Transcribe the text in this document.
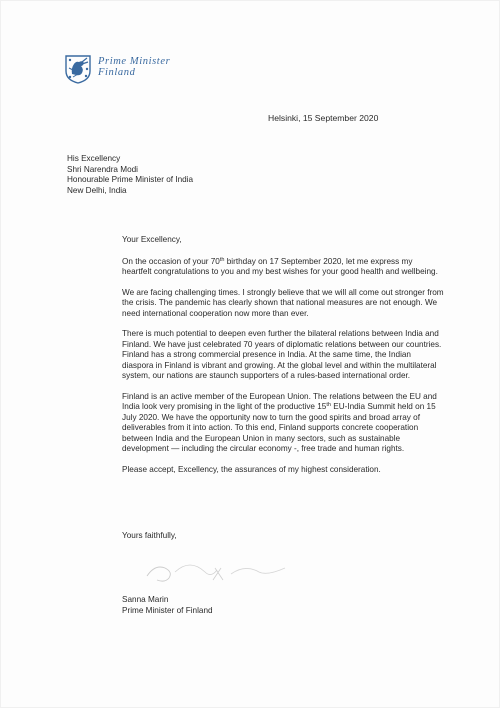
Prime Minister
Finland
Helsinki, 15 September 2020
His Excellency
Shri Narendra Modi
Honourable Prime Minister of India
New Delhi, India

Your Excellency,

On the occasion of your 70th birthday on 17 September 2020, let me express my heartfelt congratulations to you and my best wishes for your good health and wellbeing.

We are facing challenging times. I strongly believe that we will all come out stronger from the crisis. The pandemic has clearly shown that national measures are not enough. We need international cooperation now more than ever.

There is much potential to deepen even further the bilateral relations between India and Finland. We have just celebrated 70 years of diplomatic relations between our countries. Finland has a strong commercial presence in India. At the same time, the Indian diaspora in Finland is vibrant and growing. At the global level and within the multilateral system, our nations are staunch supporters of a rules-based international order.

Finland is an active member of the European Union. The relations between the EU and India look very promising in the light of the productive 15th EU-India Summit held on 15 July 2020. We have the opportunity now to turn the good spirits and broad array of deliverables from it into action. To this end, Finland supports concrete cooperation between India and the European Union in many sectors, such as sustainable development — including the circular economy -, free trade and human rights.

Please accept, Excellency, the assurances of my highest consideration.

Yours faithfully,
Sanna Marin
Prime Minister of Finland
